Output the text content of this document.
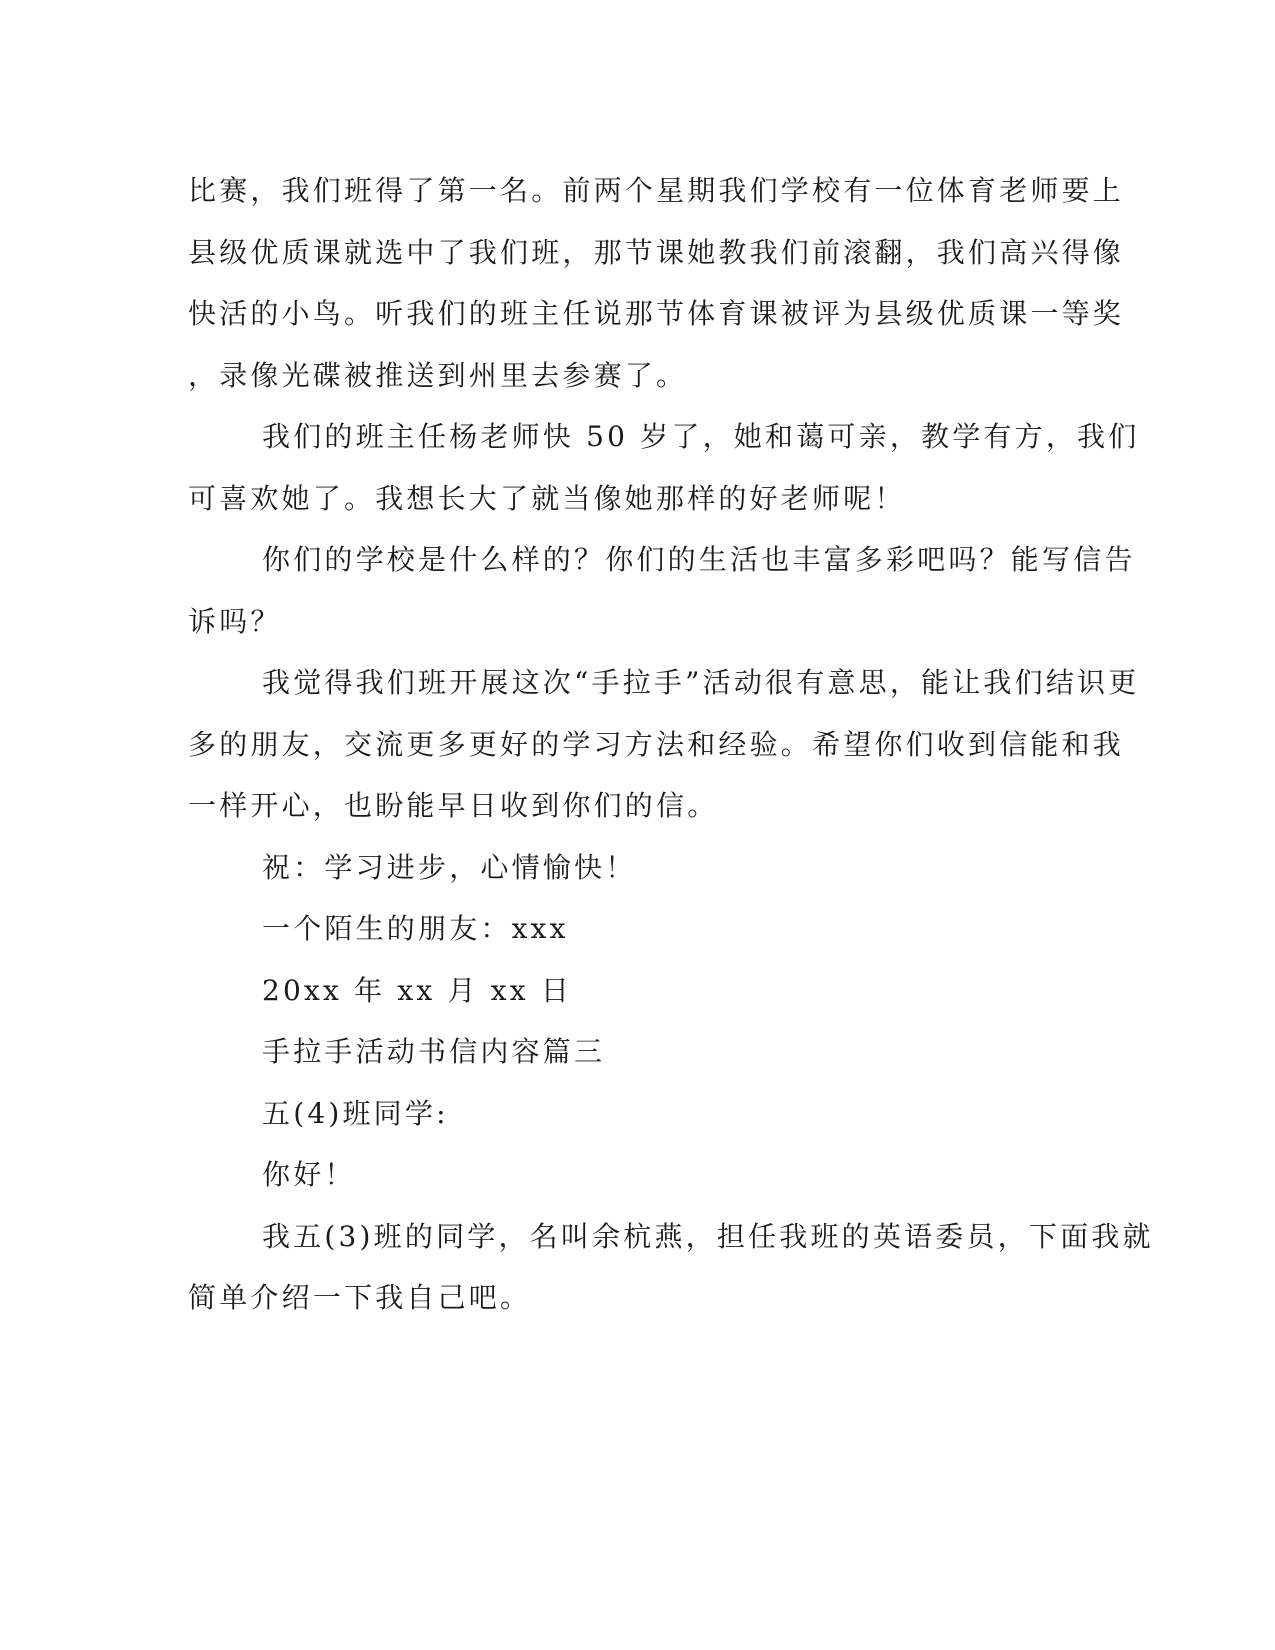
比赛，我们班得了第一名。前两个星期我们学校有一位体育老师要上
县级优质课就选中了我们班，那节课她教我们前滚翻，我们高兴得像
快活的小鸟。听我们的班主任说那节体育课被评为县级优质课一等奖
，录像光碟被推送到州里去参赛了。

我们的班主任杨老师快 50 岁了，她和蔼可亲，教学有方，我们
可喜欢她了。我想长大了就当像她那样的好老师呢！

你们的学校是什么样的？你们的生活也丰富多彩吧吗？能写信告
诉吗？

我觉得我们班开展这次“手拉手”活动很有意思，能让我们结识更
多的朋友，交流更多更好的学习方法和经验。希望你们收到信能和我
一样开心，也盼能早日收到你们的信。

祝：学习进步，心情愉快！

一个陌生的朋友：xxx

20xx 年 xx 月 xx 日

手拉手活动书信内容篇三

五(4)班同学:

你好！

我五(3)班的同学，名叫余杭燕，担任我班的英语委员，下面我就
简单介绍一下我自己吧。
